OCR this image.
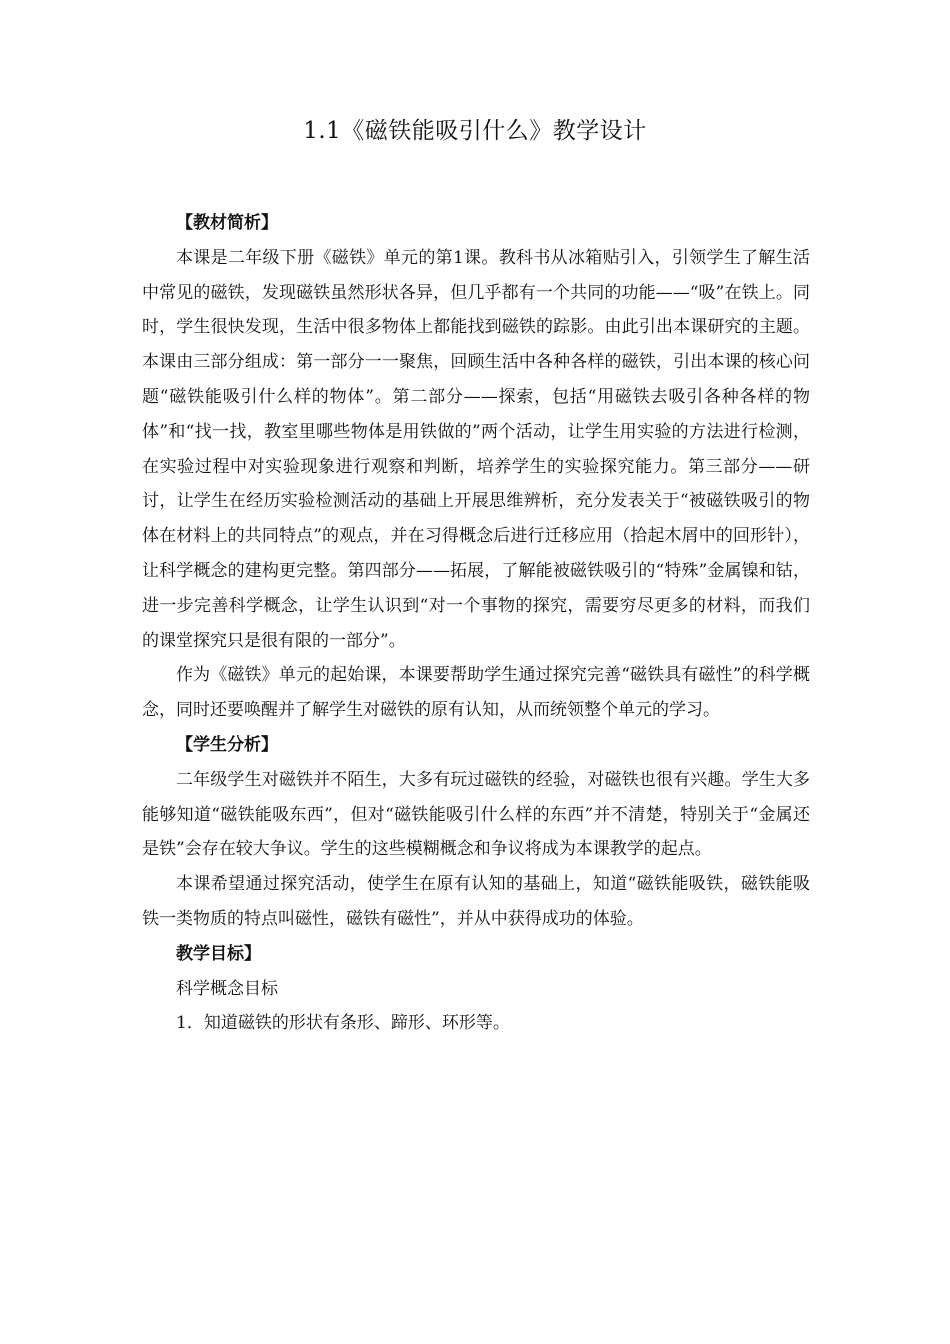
1.1《磁铁能吸引什么》教学设计

【教材简析】

本课是二年级下册《磁铁》单元的第1课。教科书从冰箱贴引入，引领学生了解生活中常见的磁铁，发现磁铁虽然形状各异，但几乎都有一个共同的功能——“吸”在铁上。同时，学生很快发现，生活中很多物体上都能找到磁铁的踪影。由此引出本课研究的主题。本课由三部分组成：第一部分一一聚焦，回顾生活中各种各样的磁铁，引出本课的核心问题“磁铁能吸引什么样的物体”。第二部分——探索，包括“用磁铁去吸引各种各样的物体”和“找一找，教室里哪些物体是用铁做的”两个活动，让学生用实验的方法进行检测，在实验过程中对实验现象进行观察和判断，培养学生的实验探究能力。第三部分——研讨，让学生在经历实验检测活动的基础上开展思维辨析，充分发表关于“被磁铁吸引的物体在材料上的共同特点”的观点，并在习得概念后进行迁移应用（拾起木屑中的回形针），让科学概念的建构更完整。第四部分——拓展，了解能被磁铁吸引的“特殊”金属镍和钴，进一步完善科学概念，让学生认识到“对一个事物的探究，需要穷尽更多的材料，而我们的课堂探究只是很有限的一部分”。

作为《磁铁》单元的起始课，本课要帮助学生通过探究完善“磁铁具有磁性”的科学概念，同时还要唤醒并了解学生对磁铁的原有认知，从而统领整个单元的学习。

【学生分析】

二年级学生对磁铁并不陌生，大多有玩过磁铁的经验，对磁铁也很有兴趣。学生大多能够知道“磁铁能吸东西”，但对“磁铁能吸引什么样的东西”并不清楚，特别关于“金属还是铁”会存在较大争议。学生的这些模糊概念和争议将成为本课教学的起点。

本课希望通过探究活动，使学生在原有认知的基础上，知道“磁铁能吸铁，磁铁能吸铁一类物质的特点叫磁性，磁铁有磁性”，并从中获得成功的体验。

教学目标】

科学概念目标

1．知道磁铁的形状有条形、蹄形、环形等。
